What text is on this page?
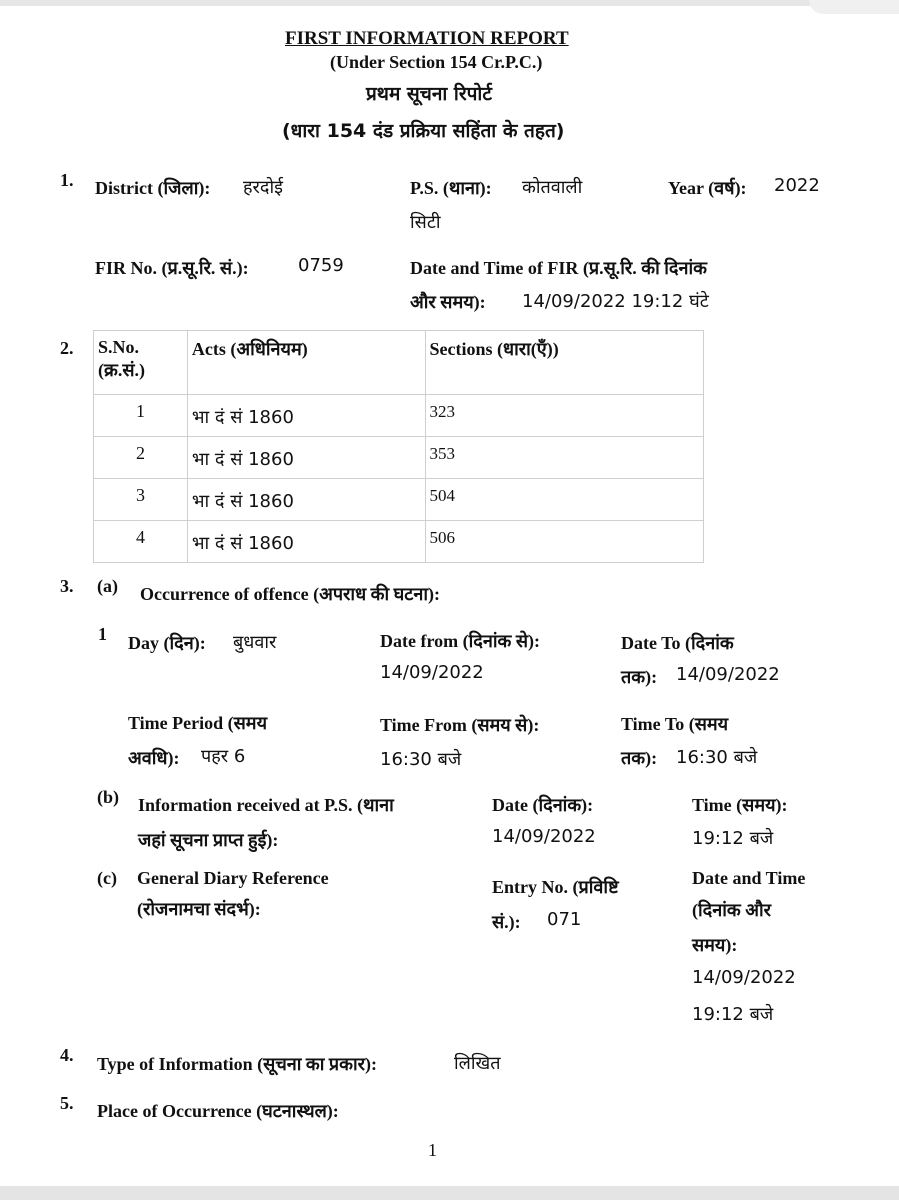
FIRST INFORMATION REPORT
(Under Section 154 Cr.P.C.)
प्रथम सूचना रिपोर्ट
(धारा 154 दंड प्रक्रिया सहिंता के तहत)
1. District (जिला): हरदोई	P.S. (थाना): कोतवाली
सिटी
Year (वर्ष): 2022
FIR No. (प्र.सू.रि. सं.):	0759	Date and Time of FIR (प्र.सू.रि. की दिनांक
और समय): 14/09/2022 19:12 घंटे
2. S.No.
(क्र.सं.)	Acts (अधिनियम)	Sections (धारा(एँ))
1	भा दं सं 1860	323
2	भा दं सं 1860	353
3	भा दं सं 1860	504
4	भा दं सं 1860	506
3. (a) Occurrence of offence (अपराध की घटना):
1 Day (दिन): बुधवार	Date from (दिनांक से):
14/09/2022
Date To (दिनांक
तक): 14/09/2022
Time Period (समय
अवधि): पहर 6
Time From (समय से):
16:30 बजे
Time To (समय
तक): 16:30 बजे
(b) Information received at P.S. (थाना
जहां सूचना प्राप्त हुई):
Date (दिनांक):
14/09/2022
Time (समय):
19:12 बजे
(c) General Diary Reference
(रोजनामचा संदर्भ):
Entry No. (प्रविष्टि
सं.): 071
Date and Time
(दिनांक और
समय):
14/09/2022
19:12 बजे
4. Type of Information (सूचना का प्रकार):	लिखित
5. Place of Occurrence (घटनास्थल):
1
